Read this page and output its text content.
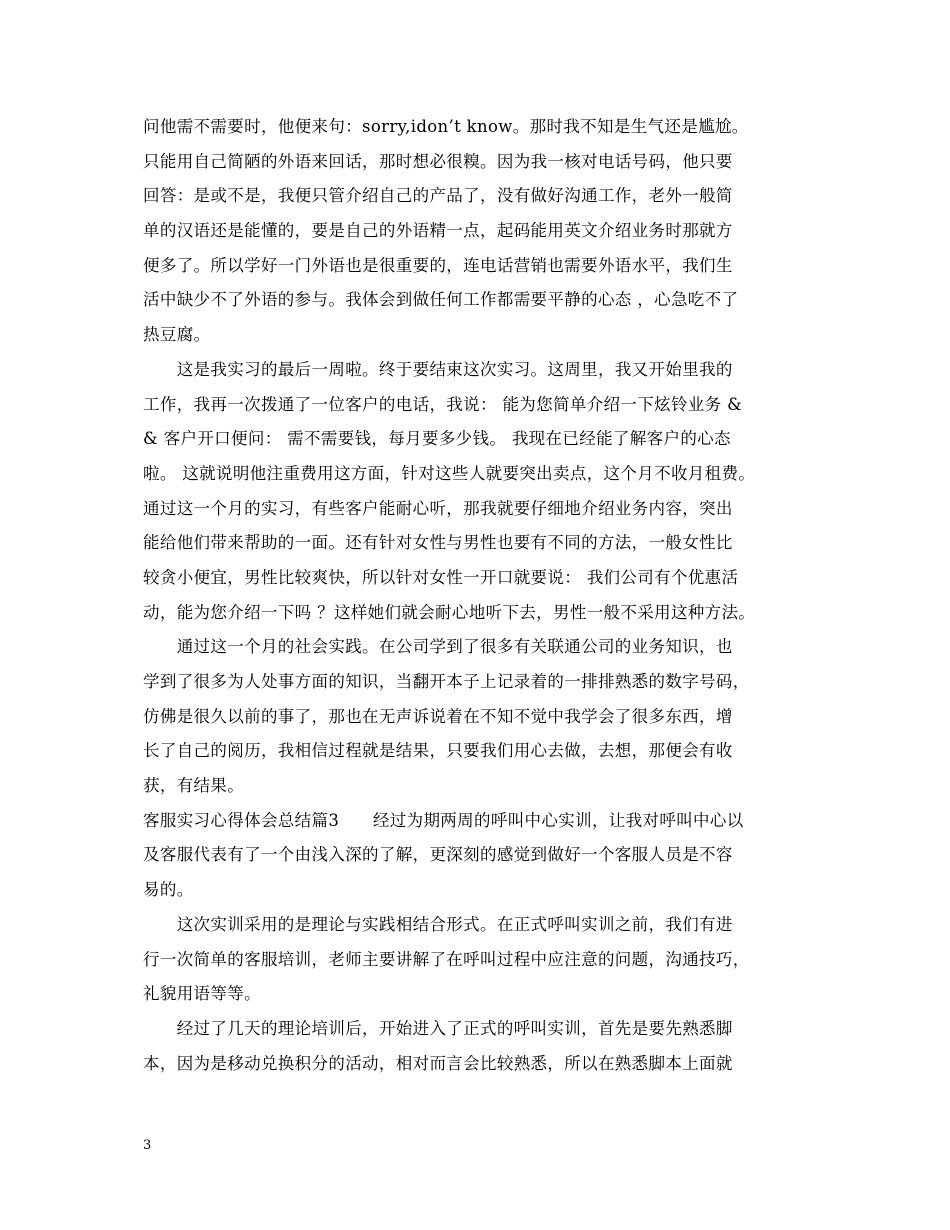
问他需不需要时，他便来句：sorry,idon’t know。那时我不知是生气还是尴尬。
只能用自己简陋的外语来回话，那时想必很糗。因为我一核对电话号码，他只要
回答：是或不是，我便只管介绍自己的产品了，没有做好沟通工作，老外一般简
单的汉语还是能懂的，要是自己的外语精一点，起码能用英文介绍业务时那就方
便多了。所以学好一门外语也是很重要的，连电话营销也需要外语水平，我们生
活中缺少不了外语的参与。我体会到做任何工作都需要平静的心态 ，心急吃不了
热豆腐。
　　这是我实习的最后一周啦。终于要结束这次实习。这周里，我又开始里我的
工作，我再一次拨通了一位客户的电话，我说： 能为您简单介绍一下炫铃业务 &
& 客户开口便问： 需不需要钱，每月要多少钱。 我现在已经能了解客户的心态
啦。 这就说明他注重费用这方面，针对这些人就要突出卖点，这个月不收月租费。
通过这一个月的实习，有些客户能耐心听，那我就要仔细地介绍业务内容，突出
能给他们带来帮助的一面。还有针对女性与男性也要有不同的方法，一般女性比
较贪小便宜，男性比较爽快，所以针对女性一开口就要说： 我们公司有个优惠活
动，能为您介绍一下吗 ？这样她们就会耐心地听下去，男性一般不采用这种方法。
　　通过这一个月的社会实践。在公司学到了很多有关联通公司的业务知识，也
学到了很多为人处事方面的知识，当翻开本子上记录着的一排排熟悉的数字号码，
仿佛是很久以前的事了，那也在无声诉说着在不知不觉中我学会了很多东西，增
长了自己的阅历，我相信过程就是结果，只要我们用心去做，去想，那便会有收
获，有结果。
客服实习心得体会总结篇3　　经过为期两周的呼叫中心实训，让我对呼叫中心以
及客服代表有了一个由浅入深的了解，更深刻的感觉到做好一个客服人员是不容
易的。
　　这次实训采用的是理论与实践相结合形式。在正式呼叫实训之前，我们有进
行一次简单的客服培训，老师主要讲解了在呼叫过程中应注意的问题，沟通技巧，
礼貌用语等等。
　　经过了几天的理论培训后，开始进入了正式的呼叫实训，首先是要先熟悉脚
本，因为是移动兑换积分的活动，相对而言会比较熟悉，所以在熟悉脚本上面就
3
